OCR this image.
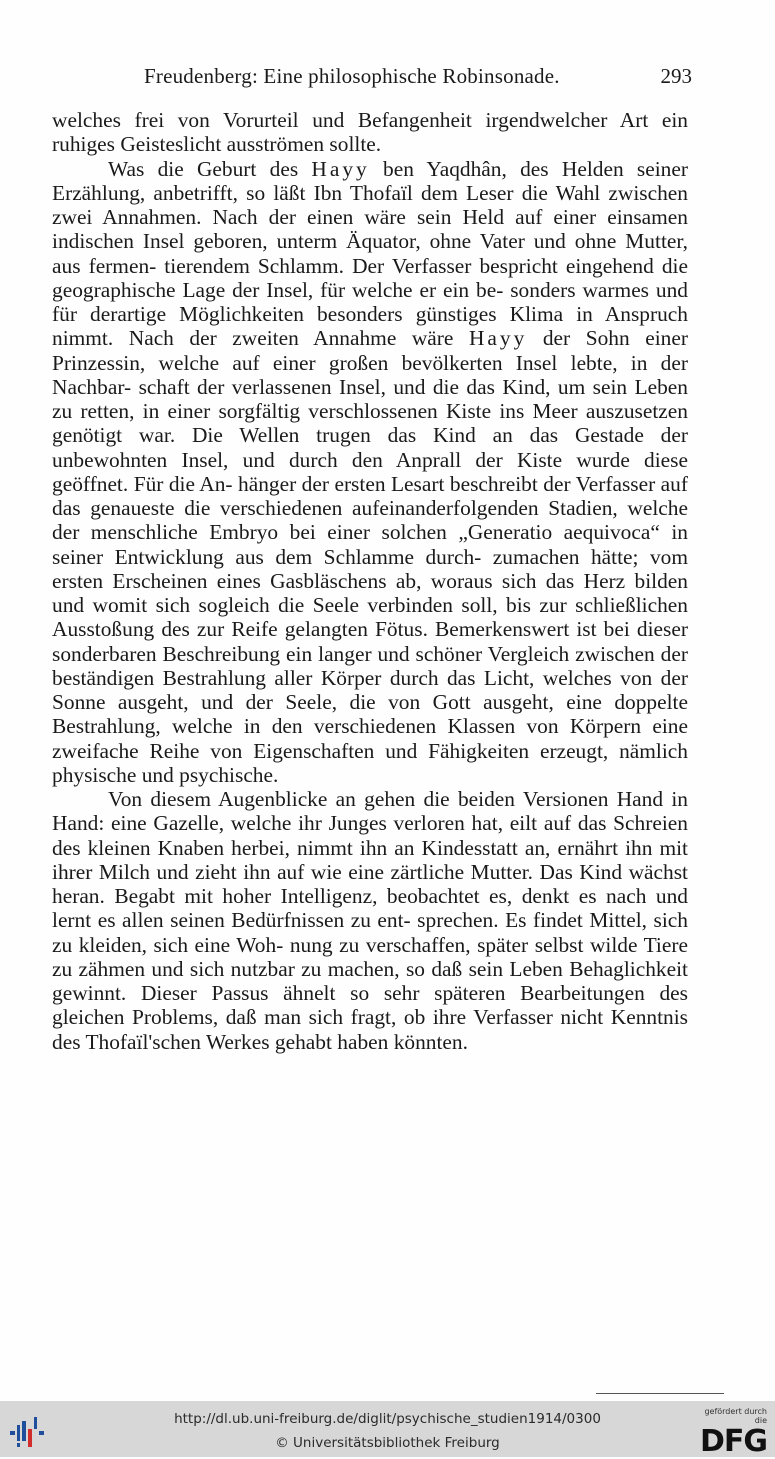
Freudenberg: Eine philosophische Robinsonade.	293

welches frei von Vorurteil und Befangenheit irgendwelcher Art ein ruhiges Geisteslicht ausströmen sollte.

Was die Geburt des Hayy ben Yaqdhân, des Helden seiner Erzählung, anbetrifft, so läßt Ibn Thofaïl dem Leser die Wahl zwischen zwei Annahmen. Nach der einen wäre sein Held auf einer einsamen indischen Insel geboren, unterm Äquator, ohne Vater und ohne Mutter, aus fermen- tierendem Schlamm. Der Verfasser bespricht eingehend die geographische Lage der Insel, für welche er ein be- sonders warmes und für derartige Möglichkeiten besonders günstiges Klima in Anspruch nimmt. Nach der zweiten Annahme wäre Hayy der Sohn einer Prinzessin, welche auf einer großen bevölkerten Insel lebte, in der Nachbar- schaft der verlassenen Insel, und die das Kind, um sein Leben zu retten, in einer sorgfältig verschlossenen Kiste ins Meer auszusetzen genötigt war. Die Wellen trugen das Kind an das Gestade der unbewohnten Insel, und durch den Anprall der Kiste wurde diese geöffnet. Für die An- hänger der ersten Lesart beschreibt der Verfasser auf das genaueste die verschiedenen aufeinanderfolgenden Stadien, welche der menschliche Embryo bei einer solchen „Generatio aequivoca“ in seiner Entwicklung aus dem Schlamme durch- zumachen hätte; vom ersten Erscheinen eines Gasbläschens ab, woraus sich das Herz bilden und womit sich sogleich die Seele verbinden soll, bis zur schließlichen Ausstoßung des zur Reife gelangten Fötus. Bemerkenswert ist bei dieser sonderbaren Beschreibung ein langer und schöner Vergleich zwischen der beständigen Bestrahlung aller Körper durch das Licht, welches von der Sonne ausgeht, und der Seele, die von Gott ausgeht, eine doppelte Bestrahlung, welche in den verschiedenen Klassen von Körpern eine zweifache Reihe von Eigenschaften und Fähigkeiten erzeugt, nämlich physische und psychische.

Von diesem Augenblicke an gehen die beiden Versionen Hand in Hand: eine Gazelle, welche ihr Junges verloren hat, eilt auf das Schreien des kleinen Knaben herbei, nimmt ihn an Kindesstatt an, ernährt ihn mit ihrer Milch und zieht ihn auf wie eine zärtliche Mutter. Das Kind wächst heran. Begabt mit hoher Intelligenz, beobachtet es, denkt es nach und lernt es allen seinen Bedürfnissen zu ent- sprechen. Es findet Mittel, sich zu kleiden, sich eine Woh- nung zu verschaffen, später selbst wilde Tiere zu zähmen und sich nutzbar zu machen, so daß sein Leben Behaglichkeit gewinnt. Dieser Passus ähnelt so sehr späteren Bearbeitungen des gleichen Problems, daß man sich fragt, ob ihre Verfasser nicht Kenntnis des Thofaïl'schen Werkes gehabt haben könnten.

http://dl.ub.uni-freiburg.de/diglit/psychische_studien1914/0300
© Universitätsbibliothek Freiburg
gefördert durch die
DFG
